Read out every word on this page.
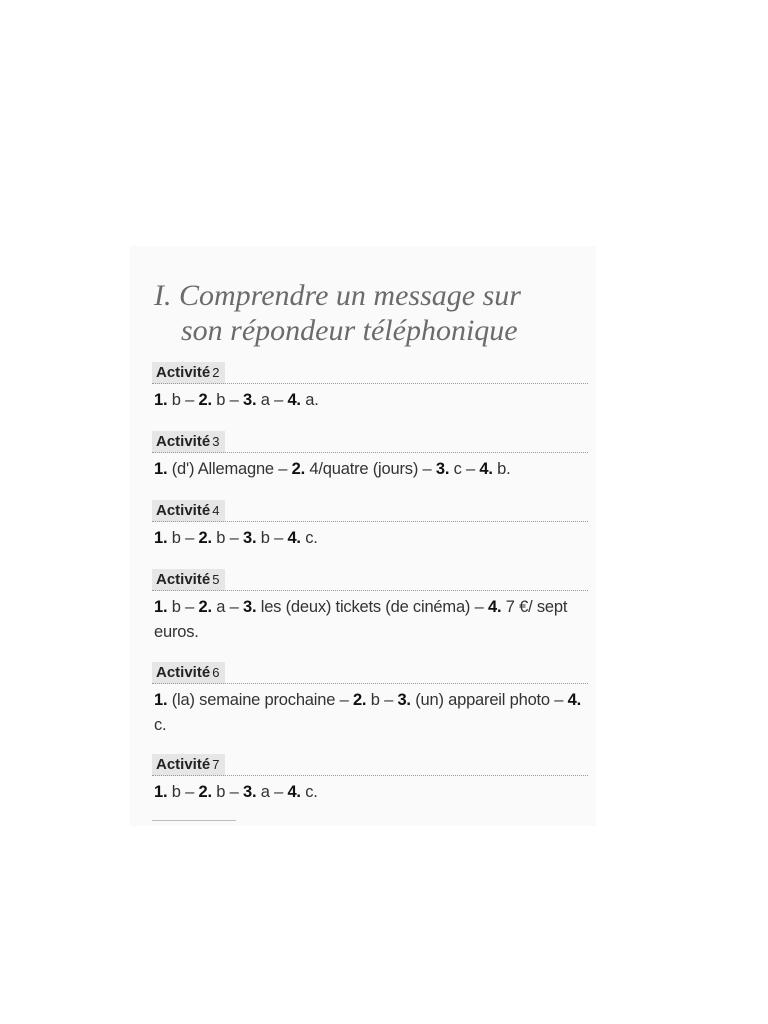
I. Comprendre un message sur
son répondeur téléphonique
Activité 2
1. b – 2. b – 3. a – 4. a.
Activité 3
1. (d') Allemagne – 2. 4/quatre (jours) – 3. c – 4. b.
Activité 4
1. b – 2. b – 3. b – 4. c.
Activité 5
1. b – 2. a – 3. les (deux) tickets (de cinéma) – 4. 7 €/ sept euros.
Activité 6
1. (la) semaine prochaine – 2. b – 3. (un) appareil photo – 4. c.
Activité 7
1. b – 2. b – 3. a – 4. c.
